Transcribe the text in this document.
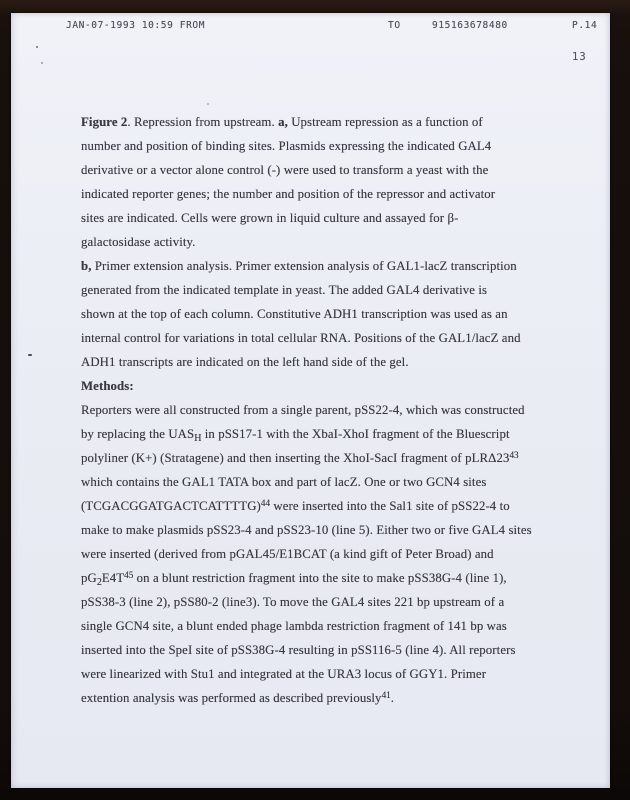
JAN-07-1993 10:59 FROM	TO	915163678480	P.14
13
Figure 2. Repression from upstream. a, Upstream repression as a function of
number and position of binding sites. Plasmids expressing the indicated GAL4
derivative or a vector alone control (-) were used to transform a yeast with the
indicated reporter genes; the number and position of the repressor and activator
sites are indicated. Cells were grown in liquid culture and assayed for β-
galactosidase activity.
b, Primer extension analysis. Primer extension analysis of GAL1-lacZ transcription
generated from the indicated template in yeast. The added GAL4 derivative is
shown at the top of each column. Constitutive ADH1 transcription was used as an
internal control for variations in total cellular RNA. Positions of the GAL1/lacZ and
ADH1 transcripts are indicated on the left hand side of the gel.
Methods:
Reporters were all constructed from a single parent, pSS22-4, which was constructed
by replacing the $UAS_H$ in pSS17-1 with the XbaI-XhoI fragment of the Bluescript
polyliner (K+) (Stratagene) and then inserting the XhoI-SacI fragment of $pLR\Delta 23^{43}$
which contains the GAL1 TATA box and part of lacZ. One or two GCN4 sites
(TCGACGGATGACTCATTTTG)$^{44}$ were inserted into the Sal1 site of pSS22-4 to
make to make plasmids pSS23-4 and pSS23-10 (line 5). Either two or five GAL4 sites
were inserted (derived from pGAL45/E1BCAT (a kind gift of Peter Broad) and
$pG_2E4T^{45}$ on a blunt restriction fragment into the site to make pSS38G-4 (line 1),
pSS38-3 (line 2), pSS80-2 (line3). To move the GAL4 sites 221 bp upstream of a
single GCN4 site, a blunt ended phage lambda restriction fragment of 141 bp was
inserted into the SpeI site of pSS38G-4 resulting in pSS116-5 (line 4). All reporters
were linearized with Stu1 and integrated at the URA3 locus of GGY1. Primer
extention analysis was performed as described previously$^{41}$.
